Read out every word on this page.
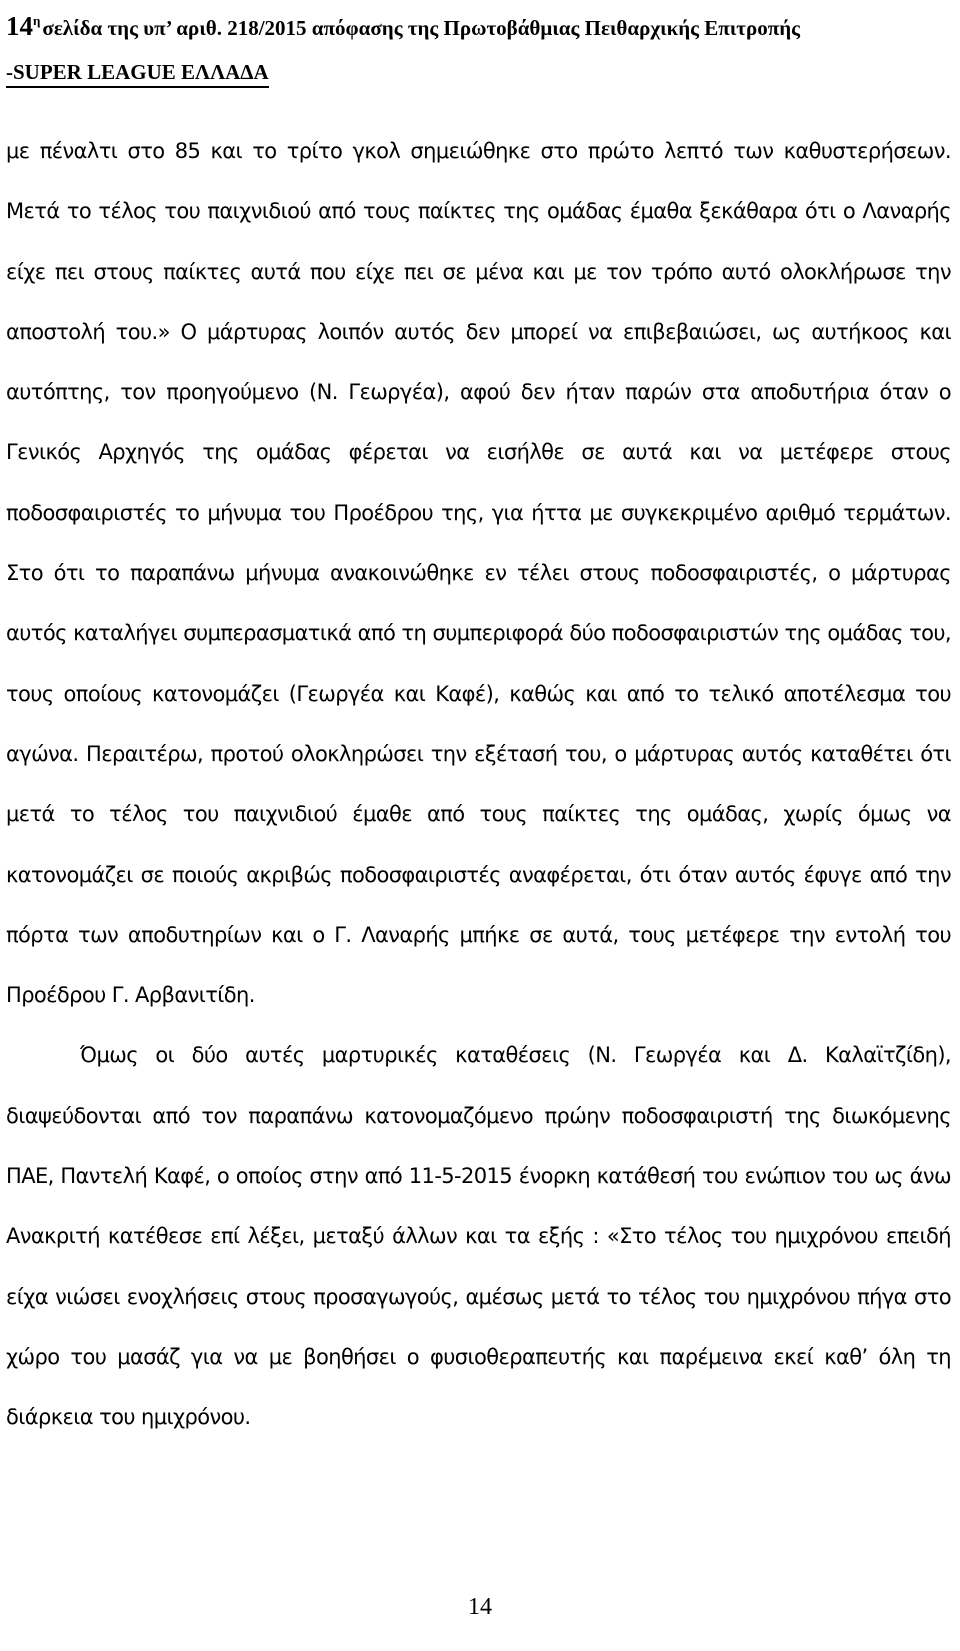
$14^\eta\sigma\varepsilon\lambda ί\delta\alpha$ της υπ’ αριθ. 218/2015 απόφασης της Πρωτοβάθμιας Πειθαρχικής Επιτροπής
-SUPER LEAGUE ΕΛΛΑΔΑ

με πέναλτι στο 85 και το τρίτο γκολ σημειώθηκε στο πρώτο λεπτό των καθυστερήσεων. Μετά το τέλος του παιχνιδιού από τους παίκτες της ομάδας έμαθα ξεκάθαρα ότι ο Λαναρής είχε πει στους παίκτες αυτά που είχε πει σε μένα και με τον τρόπο αυτό ολοκλήρωσε την αποστολή του.» Ο μάρτυρας λοιπόν αυτός δεν μπορεί να επιβεβαιώσει, ως αυτήκοος και αυτόπτης, τον προηγούμενο (Ν. Γεωργέα), αφού δεν ήταν παρών στα αποδυτήρια όταν ο Γενικός Αρχηγός της ομάδας φέρεται να εισήλθε σε αυτά και να μετέφερε στους ποδοσφαιριστές το μήνυμα του Προέδρου της, για ήττα με συγκεκριμένο αριθμό τερμάτων. Στο ότι το παραπάνω μήνυμα ανακοινώθηκε εν τέλει στους ποδοσφαιριστές, ο μάρτυρας αυτός καταλήγει συμπερασματικά από τη συμπεριφορά δύο ποδοσφαιριστών της ομάδας του, τους οποίους κατονομάζει (Γεωργέα και Καφέ), καθώς και από το τελικό αποτέλεσμα του αγώνα. Περαιτέρω, προτού ολοκληρώσει την εξέτασή του, ο μάρτυρας αυτός καταθέτει ότι μετά το τέλος του παιχνιδιού έμαθε από τους παίκτες της ομάδας, χωρίς όμως να κατονομάζει σε ποιούς ακριβώς ποδοσφαιριστές αναφέρεται, ότι όταν αυτός έφυγε από την πόρτα των αποδυτηρίων και ο Γ. Λαναρής μπήκε σε αυτά, τους μετέφερε την εντολή του Προέδρου Γ. Αρβανιτίδη.

Όμως οι δύο αυτές μαρτυρικές καταθέσεις (Ν. Γεωργέα και Δ. Καλαϊτζίδη), διαψεύδονται από τον παραπάνω κατονομαζόμενο πρώην ποδοσφαιριστή της διωκόμενης ΠΑΕ, Παντελή Καφέ, ο οποίος στην από 11-5-2015 ένορκη κατάθεσή του ενώπιον του ως άνω Ανακριτή κατέθεσε επί λέξει, μεταξύ άλλων και τα εξής : «Στο τέλος του ημιχρόνου επειδή είχα νιώσει ενοχλήσεις στους προσαγωγούς, αμέσως μετά το τέλος του ημιχρόνου πήγα στο χώρο του μασάζ για να με βοηθήσει ο φυσιοθεραπευτής και παρέμεινα εκεί καθ’ όλη τη διάρκεια του ημιχρόνου.

14
